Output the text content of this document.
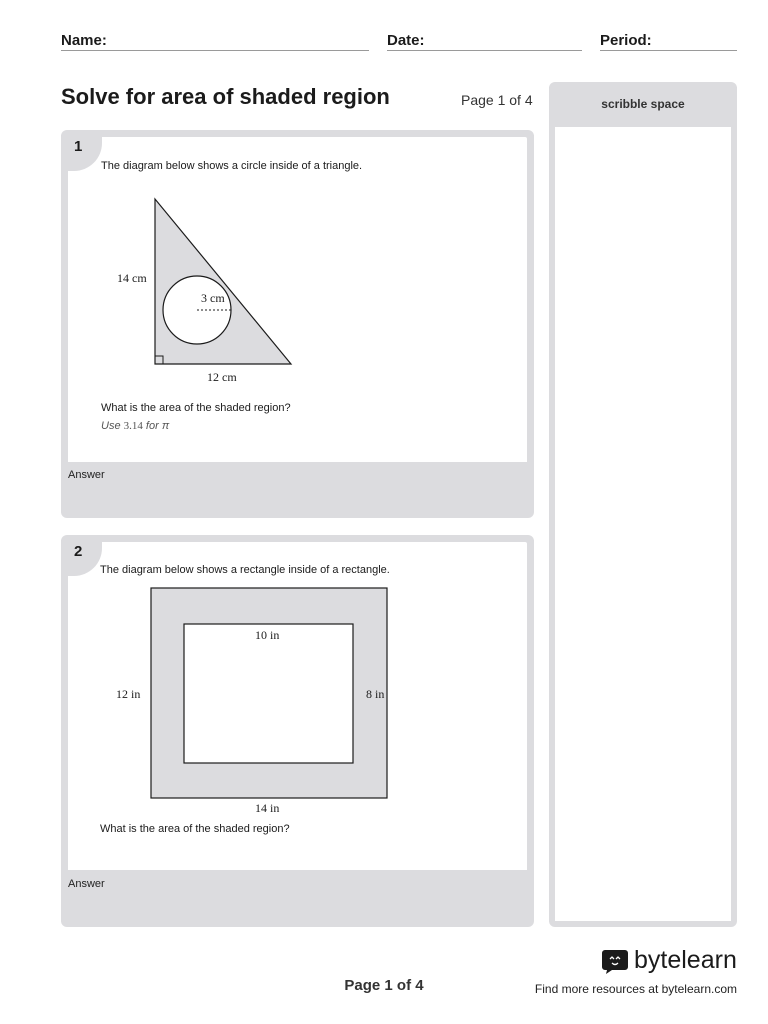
Name:	Date:	Period:
Solve for area of shaded region	Page 1 of 4
1
The diagram below shows a circle inside of a triangle.
14 cm
3 cm
12 cm
What is the area of the shaded region?
Use 3.14 for π
Answer
2
The diagram below shows a rectangle inside of a rectangle.
10 in
12 in	8 in
14 in
What is the area of the shaded region?
Answer
scribble space
Page 1 of 4
bytelearn
Find more resources at bytelearn.com
